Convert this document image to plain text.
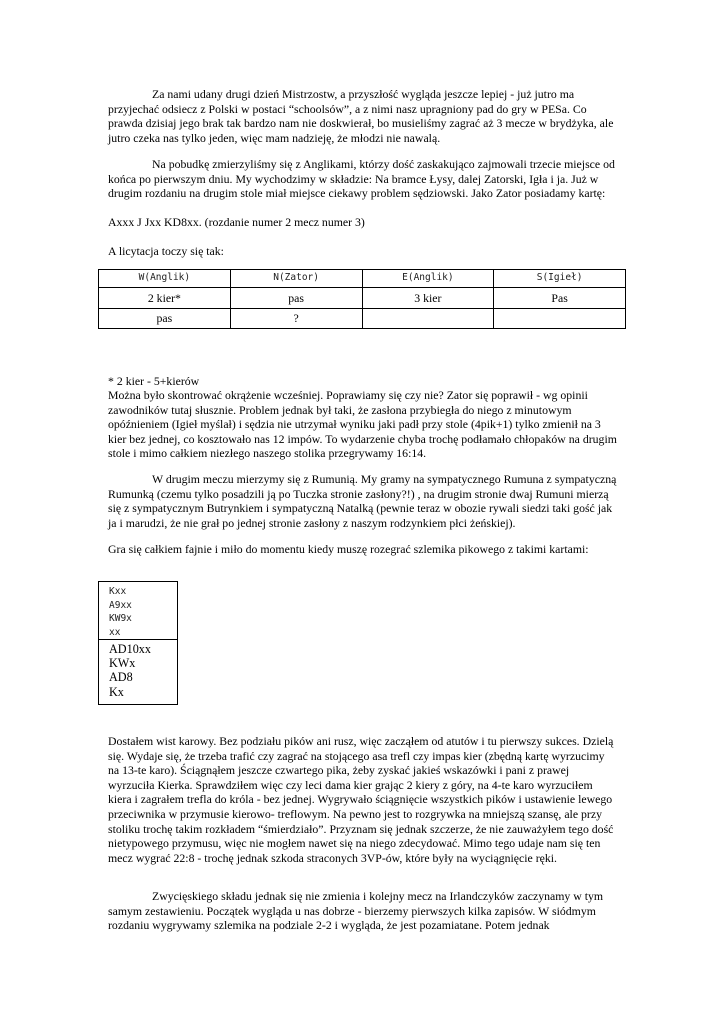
Za nami udany drugi dzień Mistrzostw, a przyszłość wygląda jeszcze lepiej - już jutro ma przyjechać odsiecz z Polski w postaci “schoolsów”, a z nimi nasz upragniony pad do gry w PESa. Co prawda dzisiaj jego brak tak bardzo nam nie doskwierał, bo musieliśmy zagrać aż 3 mecze w brydżyka, ale jutro czeka nas tylko jeden, więc mam nadzieję, że młodzi nie nawalą.

Na pobudkę zmierzyliśmy się z Anglikami, którzy dość zaskakująco zajmowali trzecie miejsce od końca po pierwszym dniu. My wychodzimy w składzie: Na bramce Łysy, dalej Zatorski, Igła i ja. Już w drugim rozdaniu na drugim stole miał miejsce ciekawy problem sędziowski. Jako Zator posiadamy kartę:

Axxx J Jxx KD8xx. (rozdanie numer 2 mecz numer 3)

A licytacja toczy się tak:

W(Anglik)	N(Zator)	E(Anglik)	S(Igieł)
2 kier*	pas	3 kier	Pas
pas	?		

* 2 kier - 5+kierów

Można było skontrować okrążenie wcześniej. Poprawiamy się czy nie? Zator się poprawił - wg opinii zawodników tutaj słusznie. Problem jednak był taki, że zasłona przybiegła do niego z minutowym opóźnieniem (Igieł myślał) i sędzia nie utrzymał wyniku jaki padł przy stole (4pik+1) tylko zmienił na 3 kier bez jednej, co kosztowało nas 12 impów. To wydarzenie chyba trochę podłamało chłopaków na drugim stole i mimo całkiem niezłego naszego stolika przegrywamy 16:14.

W drugim meczu mierzymy się z Rumunią. My gramy na sympatycznego Rumuna z sympatyczną Rumunką (czemu tylko posadzili ją po Tuczka stronie zasłony?!) , na drugim stronie dwaj Rumuni mierzą się z sympatycznym Butrynkiem i sympatyczną Natalką (pewnie teraz w obozie rywali siedzi taki gość jak ja i marudzi, że nie grał po jednej stronie zasłony z naszym rodzynkiem płci żeńskiej).

Gra się całkiem fajnie i miło do momentu kiedy muszę rozegrać szlemika pikowego z takimi kartami:

Kxx
A9xx
KW9x
xx
AD10xx
KWx
AD8
Kx

Dostałem wist karowy. Bez podziału pików ani rusz, więc zacząłem od atutów i tu pierwszy sukces. Dzielą się. Wydaje się, że trzeba trafić czy zagrać na stojącego asa trefl czy impas kier (zbędną kartę wyrzucimy na 13-te karo). Ściągnąłem jeszcze czwartego pika, żeby zyskać jakieś wskazówki i pani z prawej wyrzuciła Kierka. Sprawdziłem więc czy leci dama kier grając 2 kiery z góry, na 4-te karo wyrzuciłem kiera i zagrałem trefla do króla - bez jednej. Wygrywało ściągnięcie wszystkich pików i ustawienie lewego przeciwnika w przymusie kierowo- treflowym. Na pewno jest to rozgrywka na mniejszą szansę, ale przy stoliku trochę takim rozkładem “śmierdziało”. Przyznam się jednak szczerze, że nie zauważyłem tego dość nietypowego przymusu, więc nie mogłem nawet się na niego zdecydować. Mimo tego udaje nam się ten mecz wygrać 22:8 - trochę jednak szkoda straconych 3VP-ów, które były na wyciągnięcie ręki.

Zwycięskiego składu jednak się nie zmienia i kolejny mecz na Irlandczyków zaczynamy w tym samym zestawieniu. Początek wygląda u nas dobrze - bierzemy pierwszych kilka zapisów. W siódmym rozdaniu wygrywamy szlemika na podziale 2-2 i wygląda, że jest pozamiatane. Potem jednak
